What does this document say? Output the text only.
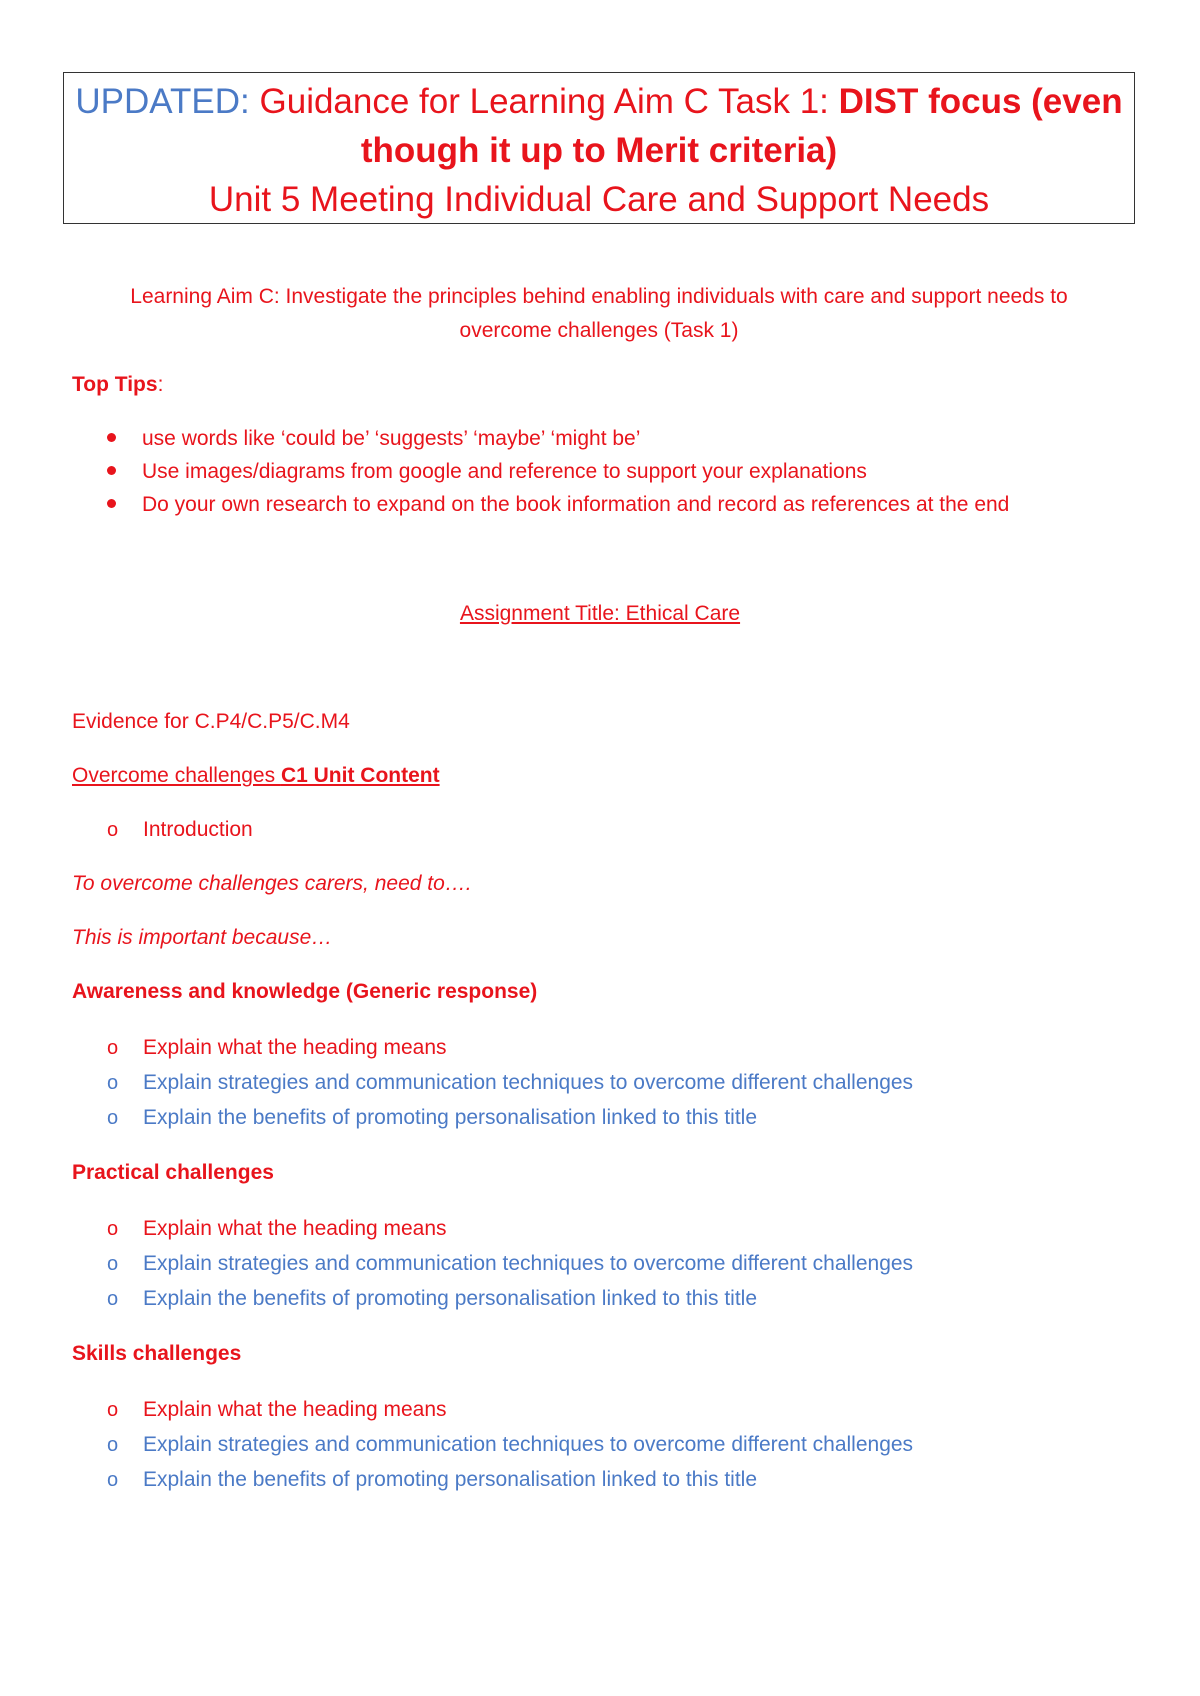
UPDATED: Guidance for Learning Aim C Task 1: DIST focus (even
though it up to Merit criteria)
Unit 5 Meeting Individual Care and Support Needs
Learning Aim C: Investigate the principles behind enabling individuals with care and support needs to
overcome challenges (Task 1)
Top Tips:
use words like ‘could be’ ‘suggests’ ‘maybe’ ‘might be’
Use images/diagrams from google and reference to support your explanations
Do your own research to expand on the book information and record as references at the end
Assignment Title: Ethical Care
Evidence for C.P4/C.P5/C.M4
Overcome challenges C1 Unit Content
o Introduction
To overcome challenges carers, need to….
This is important because…
Awareness and knowledge (Generic response)
o Explain what the heading means
o Explain strategies and communication techniques to overcome different challenges
o Explain the benefits of promoting personalisation linked to this title
Practical challenges
o Explain what the heading means
o Explain strategies and communication techniques to overcome different challenges
o Explain the benefits of promoting personalisation linked to this title
Skills challenges
o Explain what the heading means
o Explain strategies and communication techniques to overcome different challenges
o Explain the benefits of promoting personalisation linked to this title
